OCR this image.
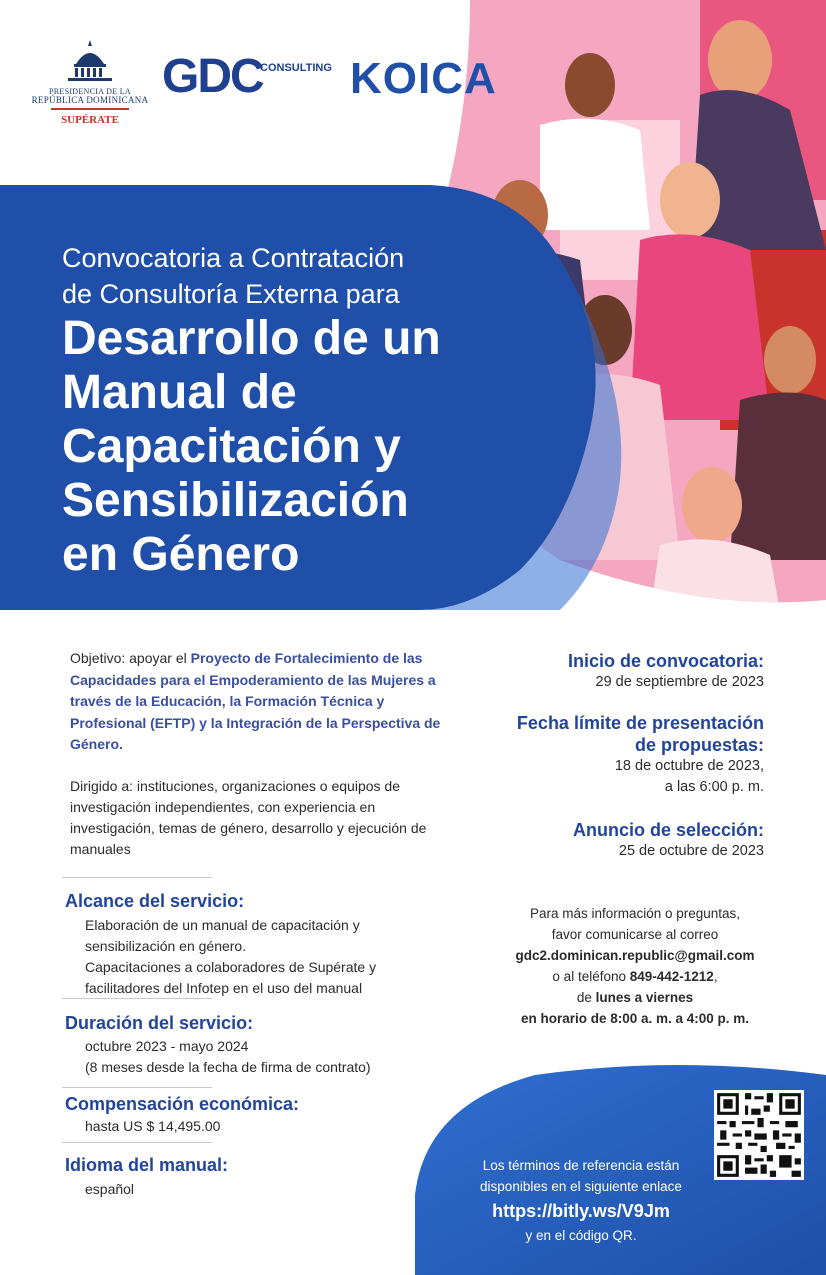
PRESIDENCIA DE LA
REPÚBLICA DOMINICANA
SUPÉRATE
GDC
CONSULTING KOICA
Convocatoria a Contratación
de Consultoría Externa para
Desarrollo de un
Manual de
Capacitación y
Sensibilización
en Género
Objetivo: apoyar el Proyecto de Fortalecimiento de las Capacidades para el Empoderamiento de las Mujeres a través de la Educación, la Formación Técnica y Profesional (EFTP) y la Integración de la Perspectiva de Género.
Dirigido a: instituciones, organizaciones o equipos de investigación independientes, con experiencia en investigación, temas de género, desarrollo y ejecución de manuales
Alcance del servicio:
Elaboración de un manual de capacitación y
sensibilización en género.
Capacitaciones a colaboradores de Supérate y
facilitadores del Infotep en el uso del manual
Duración del servicio:
octubre 2023 - mayo 2024
(8 meses desde la fecha de firma de contrato)
Compensación económica:
hasta US $ 14,495.00
Idioma del manual:
español
Inicio de convocatoria:
29 de septiembre de 2023
Fecha límite de presentación
de propuestas:
18 de octubre de 2023,
a las 6:00 p. m.
Anuncio de selección:
25 de octubre de 2023
Para más información o preguntas,
favor comunicarse al correo
gdc2.dominican.republic@gmail.com
o al teléfono 849-442-1212,
de lunes a viernes
en horario de 8:00 a. m. a 4:00 p. m.
Los términos de referencia están
disponibles en el siguiente enlace
https://bitly.ws/V9Jm
y en el código QR.
